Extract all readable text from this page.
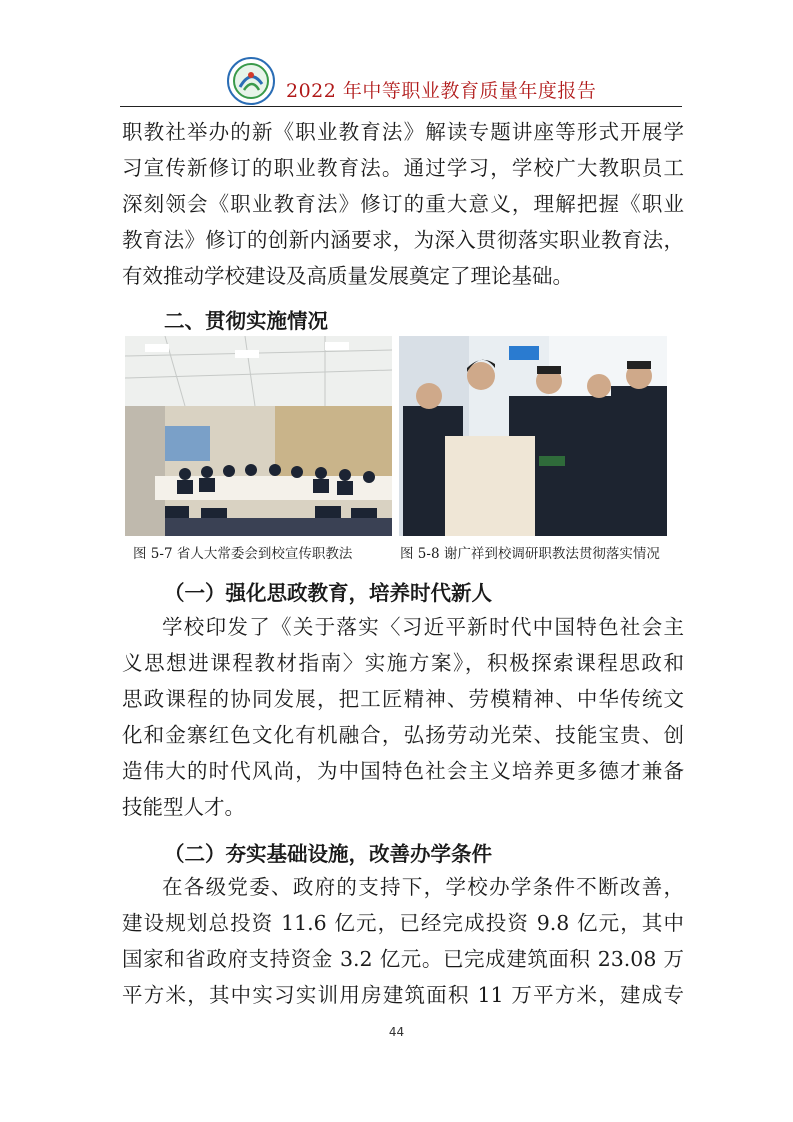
2022 年中等职业教育质量年度报告
职教社举办的新《职业教育法》解读专题讲座等形式开展学
习宣传新修订的职业教育法。通过学习，学校广大教职员工
深刻领会《职业教育法》修订的重大意义，理解把握《职业
教育法》修订的创新内涵要求，为深入贯彻落实职业教育法，
有效推动学校建设及高质量发展奠定了理论基础。
二、贯彻实施情况
图 5-7 省人大常委会到校宣传职教法	图 5-8 谢广祥到校调研职教法贯彻落实情况
（一）强化思政教育，培养时代新人
学校印发了《关于落实〈习近平新时代中国特色社会主
义思想进课程教材指南〉实施方案》，积极探索课程思政和
思政课程的协同发展，把工匠精神、劳模精神、中华传统文
化和金寨红色文化有机融合，弘扬劳动光荣、技能宝贵、创
造伟大的时代风尚，为中国特色社会主义培养更多德才兼备
技能型人才。
（二）夯实基础设施，改善办学条件
在各级党委、政府的支持下，学校办学条件不断改善，
建设规划总投资 11.6 亿元，已经完成投资 9.8 亿元，其中
国家和省政府支持资金 3.2 亿元。已完成建筑面积 23.08 万
平方米，其中实习实训用房建筑面积 11 万平方米，建成专
44
